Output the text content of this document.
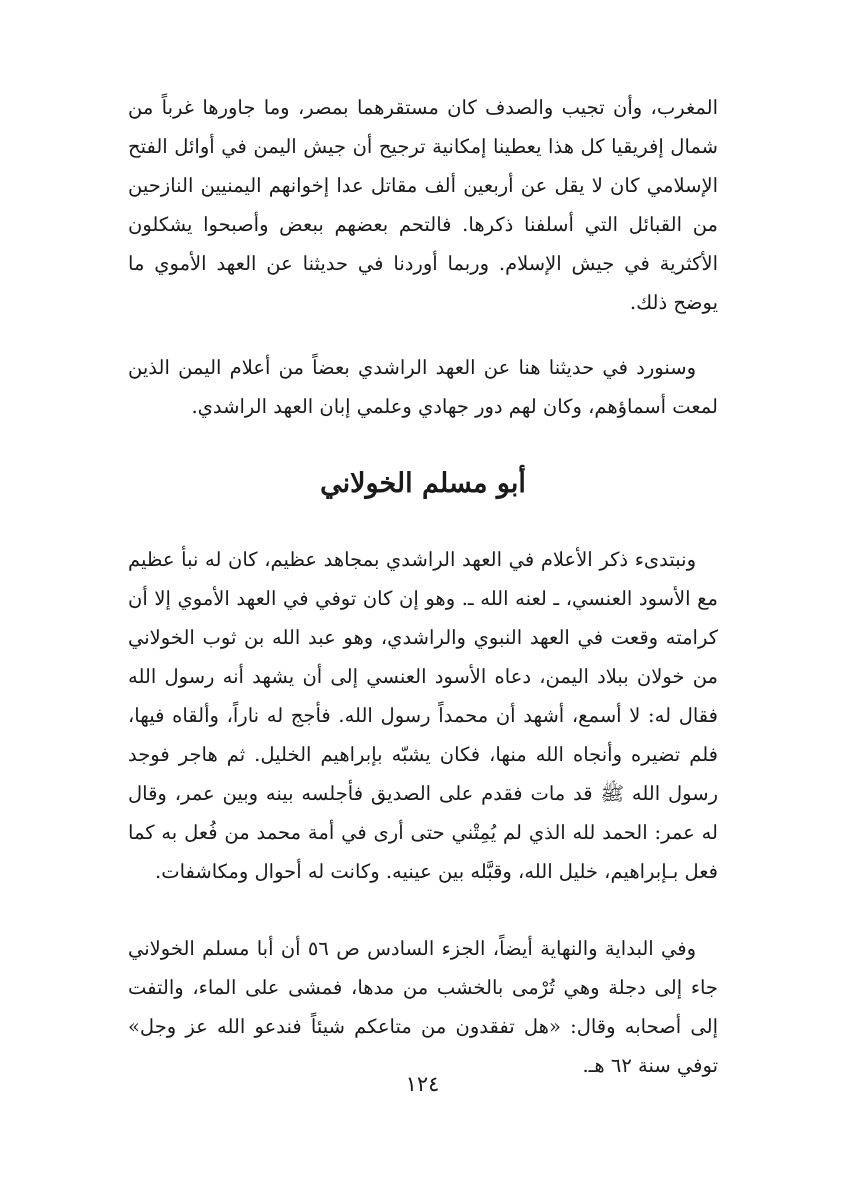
المغرب، وأن تجيب والصدف كان مستقرهما بمصر، وما جاورها غرباً من شمال إفريقيا كل هذا يعطينا إمكانية ترجيح أن جيش اليمن في أوائل الفتح الإسلامي كان لا يقل عن أربعين ألف مقاتل عدا إخوانهم اليمنيين النازحين من القبائل التي أسلفنا ذكرها. فالتحم بعضهم ببعض وأصبحوا يشكلون الأكثرية في جيش الإسلام. وربما أوردنا في حديثنا عن العهد الأموي ما يوضح ذلك.

وسنورد في حديثنا هنا عن العهد الراشدي بعضاً من أعلام اليمن الذين لمعت أسماؤهم، وكان لهم دور جهادي وعلمي إبان العهد الراشدي.

أبو مسلم الخولاني

ونبتدىء ذكر الأعلام في العهد الراشدي بمجاهد عظيم، كان له نبأ عظيم مع الأسود العنسي، ـ لعنه الله ـ. وهو إن كان توفي في العهد الأموي إلا أن كرامته وقعت في العهد النبوي والراشدي، وهو عبد الله بن ثوب الخولاني من خولان ببلاد اليمن، دعاه الأسود العنسي إلى أن يشهد أنه رسول الله فقال له: لا أسمع، أشهد أن محمداً رسول الله. فأجج له ناراً، وألقاه فيها، فلم تضيره وأنجاه الله منها، فكان يشبّه بإبراهيم الخليل. ثم هاجر فوجد رسول الله ﷺ قد مات فقدم على الصديق فأجلسه بينه وبين عمر، وقال له عمر: الحمد لله الذي لم يُمِتْني حتى أرى في أمة محمد من فُعل به كما فعل بـإبراهيم، خليل الله، وقبَّله بين عينيه. وكانت له أحوال ومكاشفات.

وفي البداية والنهاية أيضاً، الجزء السادس ص ٥٦ أن أبا مسلم الخولاني جاء إلى دجلة وهي تُرْمى بالخشب من مدها، فمشى على الماء، والتفت إلى أصحابه وقال: «هل تفقدون من متاعكم شيئاً فندعو الله عز وجل» توفي سنة ٦٢ هـ.

١٢٤
